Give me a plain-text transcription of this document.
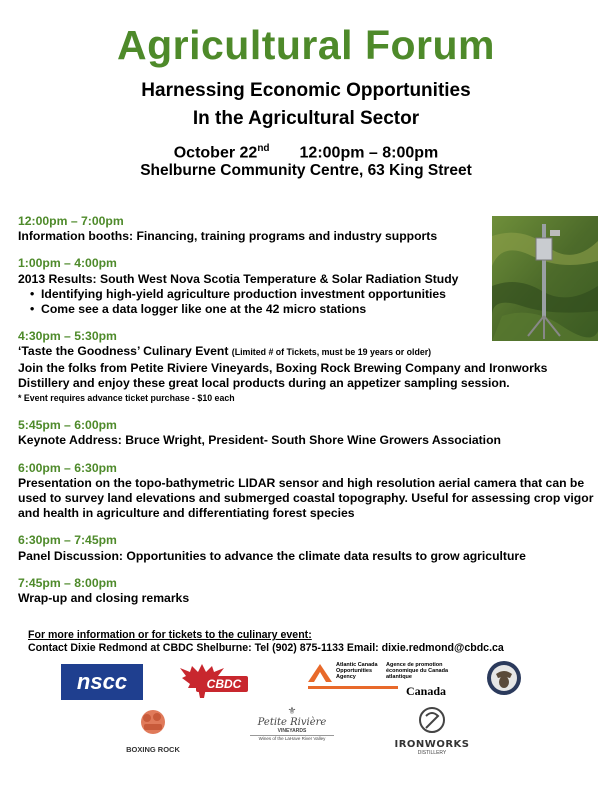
Agricultural Forum
Harnessing Economic Opportunities
In the Agricultural Sector
October 22nd 12:00pm – 8:00pm
Shelburne Community Centre, 63 King Street
12:00pm – 7:00pm
Information booths: Financing, training programs and industry supports
1:00pm – 4:00pm
2013 Results: South West Nova Scotia Temperature & Solar Radiation Study
•  Identifying high-yield agriculture production investment opportunities
•  Come see a data logger like one at the 42 micro stations
4:30pm – 5:30pm
‘Taste the Goodness’ Culinary Event (Limited # of Tickets, must be 19 years or older)
Join the folks from Petite Riviere Vineyards, Boxing Rock Brewing Company and Ironworks Distillery and enjoy these great local products during an appetizer sampling session.
* Event requires advance ticket purchase - $10 each
5:45pm – 6:00pm
Keynote Address: Bruce Wright, President- South Shore Wine Growers Association
6:00pm – 6:30pm
Presentation on the topo-bathymetric LIDAR sensor and high resolution aerial camera that can be used to survey land elevations and submerged coastal topography. Useful for assessing crop vigor and health in agriculture and differentiating forest species
6:30pm – 7:45pm
Panel Discussion: Opportunities to advance the climate data results to grow agriculture
7:45pm – 8:00pm
Wrap-up and closing remarks
For more information or for tickets to the culinary event:
Contact Dixie Redmond at CBDC Shelburne: Tel (902) 875-1133 Email: dixie.redmond@cbdc.ca
nscc	CBDC
Atlantic Canada Opportunities Agency
Agence de promotion économique du Canada atlantique
Canada
BOXING ROCK
⚜
Petite Rivière
VINEYARDS
Wines of the LaHave River Valley
IRONWORKS
DISTILLERY
